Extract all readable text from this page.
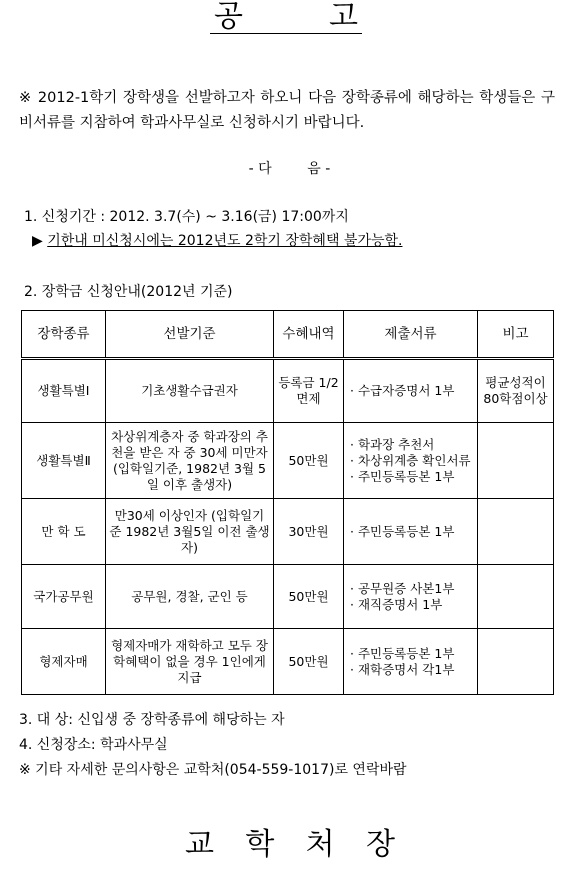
공	고
※ 2012-1학기 장학생을 선발하고자 하오니 다음 장학종류에 해당하는 학생들은 구비서류를 지참하여 학과사무실로 신청하시기 바랍니다.
- 다        음 -
1. 신청기간 : 2012. 3.7(수) ~ 3.16(금) 17:00까지
▶ 기한내 미신청시에는 2012년도 2학기 장학혜택 불가능함.
2. 장학금 신청안내(2012년 기준)
장학종류	선발기준	수혜내역	제출서류	비고
생활특별Ⅰ	기초생활수급권자	등록금 1/2면제	· 수급자증명서 1부	평균성적이 80학점이상
생활특별Ⅱ	차상위계층자 중 학과장의 추천을 받은 자 중 30세 미만자(입학일기준, 1982년 3월 5일 이후 출생자)	50만원	· 학과장 추천서
· 차상위계층 확인서류
· 주민등록등본 1부	
만 학 도	만30세 이상인자 (입학일기준 1982년 3월5일 이전 출생자)	30만원	· 주민등록등본 1부	
국가공무원	공무원, 경찰, 군인 등	50만원	· 공무원증 사본1부
· 재직증명서 1부	
형제자매	형제자매가 재학하고 모두 장학혜택이 없을 경우 1인에게 지급	50만원	· 주민등록등본 1부
· 재학증명서 각1부	
3. 대 상: 신입생 중 장학종류에 해당하는 자
4. 신청장소: 학과사무실
※ 기타 자세한 문의사항은 교학처(054-559-1017)로 연락바람
교 학 처 장
